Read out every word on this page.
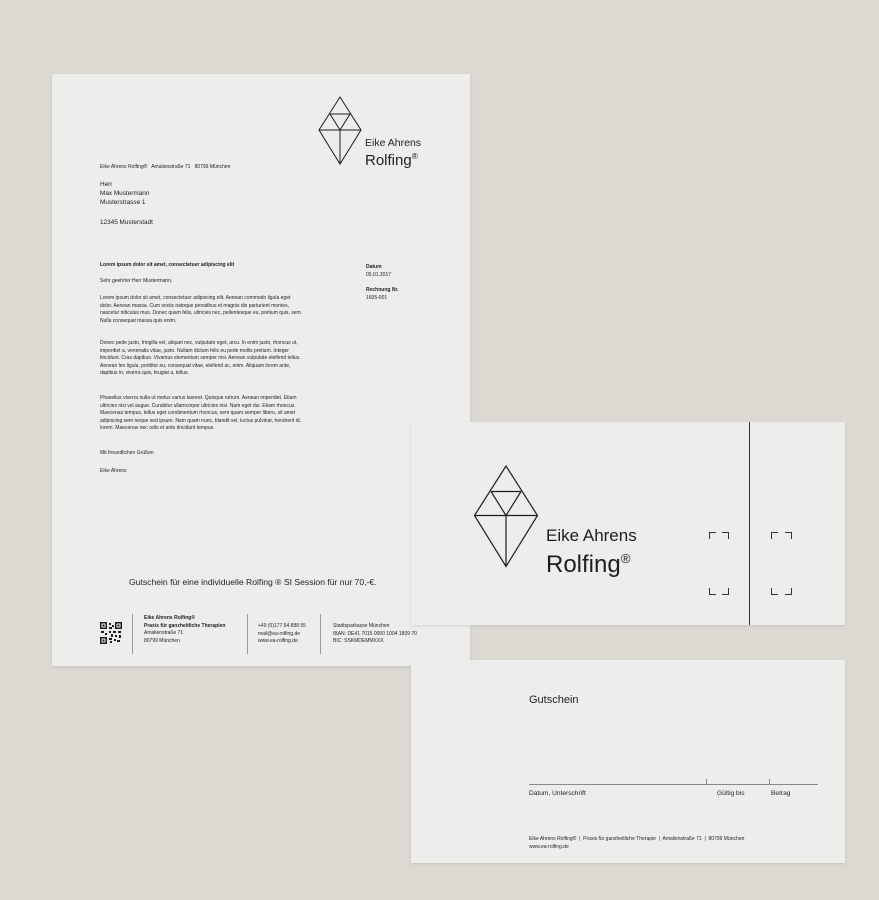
Eike Ahrens
Rolfing®
Eike Ahrens Rolfing®   Amalienstraße 71   80799 München
Herr
Max Mustermann
Musterstrasse 1
12345 Musterstadt
Datum
05.01.2017
Rechnung Nr.
1605-001
Lorem ipsum dolor sit amet, consectetuer adipiscing elit
Sehr geehrter Herr Mustermann,
Lorem ipsum dolor sit amet, consectetuer adipiscing elit. Aenean commodo ligula eget
dolor. Aenean massa. Cum sociis natoque penatibus et magnis dis parturient montes,
nascetur ridiculus mus. Donec quam felis, ultricies nec, pellentesque eu, pretium quis, sem.
Nulla consequat massa quis enim.
Donec pede justo, fringilla vel, aliquet nec, vulputate eget, arcu. In enim justo, rhoncus ut,
imperdiet a, venenatis vitae, justo. Nullam dictum felis eu pede mollis pretium. Integer
tincidunt. Cras dapibus. Vivamus elementum semper nisi. Aenean vulputate eleifend tellus.
Aenean leo ligula, porttitor eu, consequat vitae, eleifend ac, enim. Aliquam lorem ante,
dapibus in, viverra quis, feugiat a, tellus.
Phasellus viverra nulla ut metus varius laoreet. Quisque rutrum. Aenean imperdiet. Etiam
ultricies nisi vel augue. Curabitur ullamcorper ultricies nisi. Nam eget dui. Etiam rhoncus.
Maecenas tempus, tellus eget condimentum rhoncus, sem quam semper libero, sit amet
adipiscing sem neque sed ipsum. Nam quam nunc, blandit vel, luctus pulvinar, hendrerit id,
lorem. Maecenas nec odio et ante tincidunt tempus.
Mit freundlichen Grüßen
Eike Ahrens
Gutschein für eine individuelle Rolfing ® SI Session für nur 70,-€.
Eike Ahrens Rolfing®
Praxis für ganzheitliche Therapien
Amalienstraße 71
80799 München
+49 (0)177.64 888 55
mail@ea-rolfing.de
www.ea-rolfing.de
Stadtsparkasse München
IBAN: DE41 7015 0000 1004 1809 70
BIC: SSKMDEMMXXX
Eike Ahrens
Rolfing®
Gutschein
Datum, Unterschrift	Gültig bis	Betrag
Eike Ahrens Rolfing®  |  Praxis für ganzheitliche Therapie  |  Amalienstraße 71  |  80799 München
www.ea-rolfing.de
